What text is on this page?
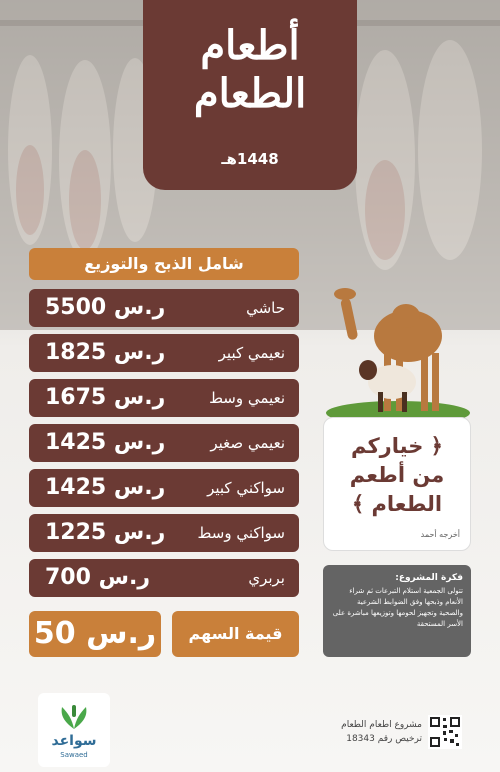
أطعام
الطعام
1448هـ
شامل الذبح والتوزيع
حاشي
ر.س 5500
نعيمي كبير
ر.س 1825
نعيمي وسط
ر.س 1675
نعيمي صغير
ر.س 1425
سواكني كبير
ر.س 1425
سواكني وسط
ر.س 1225
بربري
ر.س 700
ر.س 50	قيمة السهم
﴿ خياركم
من أطعم
الطعام ﴾
أخرجه أحمد
فكرة المشروع:
تتولى الجمعية استلام التبرعات ثم شراء الأنعام وذبحها وفق الضوابط الشرعية والصحية وتجهيز لحومها وتوزيعها مباشرة على الأسر المستحقة
سواعد
Sawaed
مشروع اطعام الطعام
ترخيص رقم 18343
